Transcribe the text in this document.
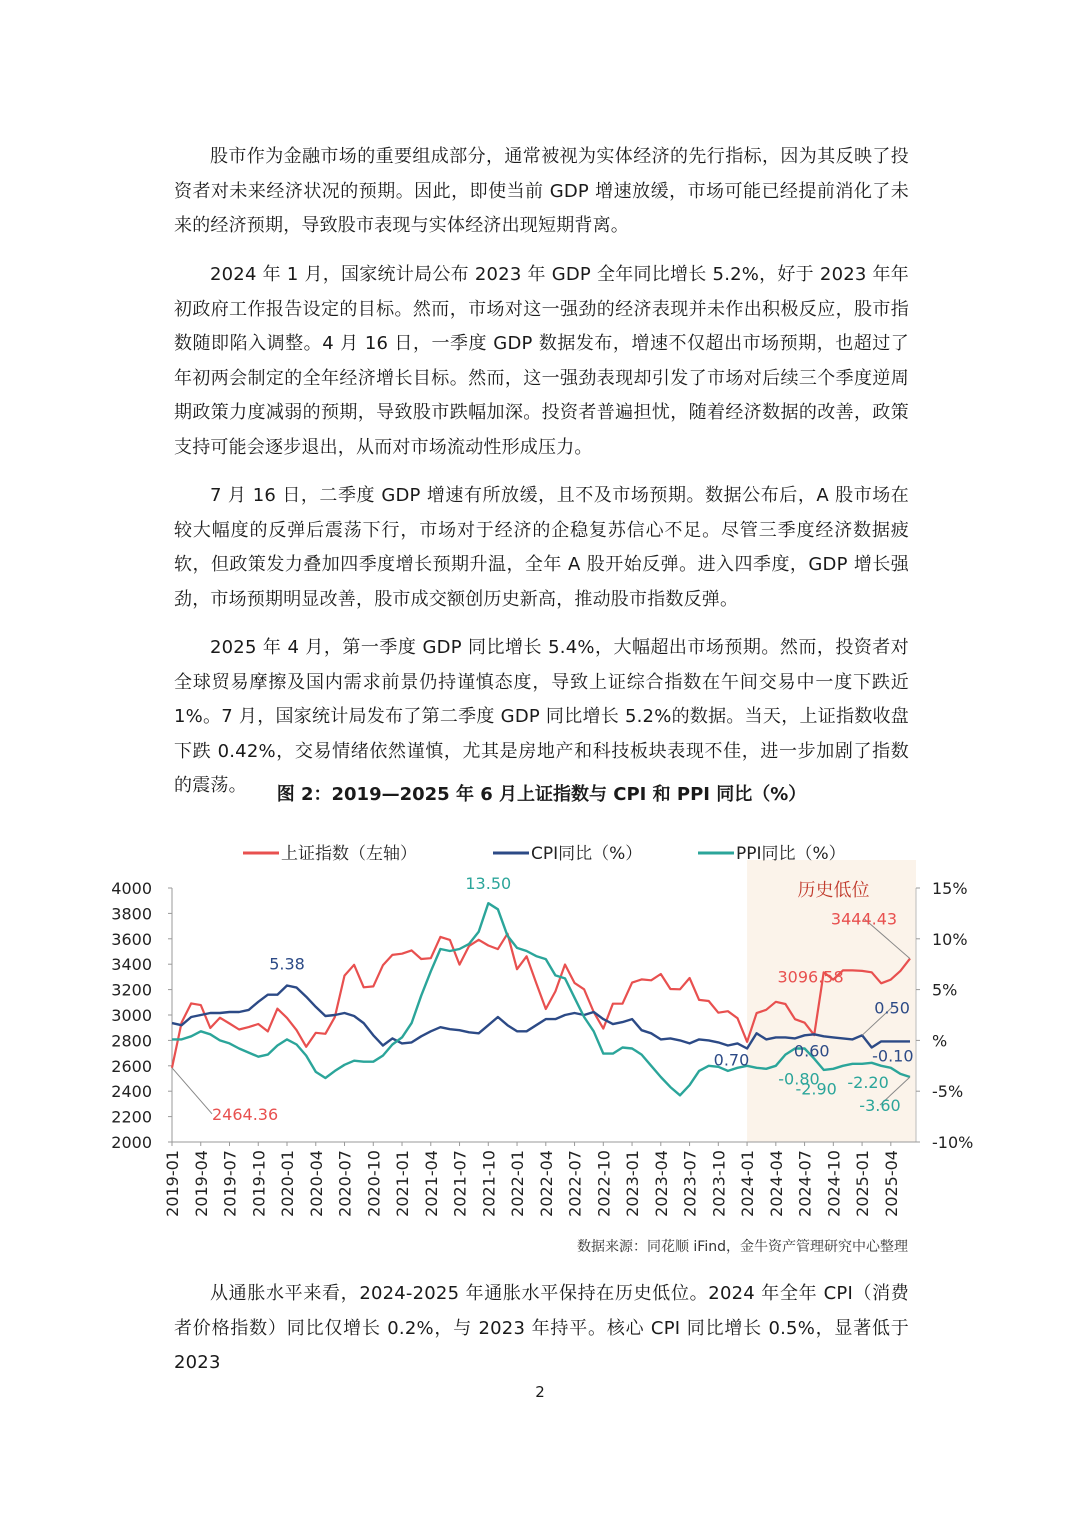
股市作为金融市场的重要组成部分，通常被视为实体经济的先行指标，因为其反映了投资者对未来经济状况的预期。因此，即使当前 GDP 增速放缓，市场可能已经提前消化了未来的经济预期，导致股市表现与实体经济出现短期背离。

2024 年 1 月，国家统计局公布 2023 年 GDP 全年同比增长 5.2%，好于 2023 年年初政府工作报告设定的目标。然而，市场对这一强劲的经济表现并未作出积极反应，股市指数随即陷入调整。4 月 16 日，一季度 GDP 数据发布，增速不仅超出市场预期，也超过了年初两会制定的全年经济增长目标。然而，这一强劲表现却引发了市场对后续三个季度逆周期政策力度减弱的预期，导致股市跌幅加深。投资者普遍担忧，随着经济数据的改善，政策支持可能会逐步退出，从而对市场流动性形成压力。

7 月 16 日，二季度 GDP 增速有所放缓，且不及市场预期。数据公布后，A 股市场在较大幅度的反弹后震荡下行，市场对于经济的企稳复苏信心不足。尽管三季度经济数据疲软，但政策发力叠加四季度增长预期升温，全年 A 股开始反弹。进入四季度，GDP 增长强劲，市场预期明显改善，股市成交额创历史新高，推动股市指数反弹。

2025 年 4 月，第一季度 GDP 同比增长 5.4%，大幅超出市场预期。然而，投资者对全球贸易摩擦及国内需求前景仍持谨慎态度，导致上证综合指数在午间交易中一度下跌近 1%。7 月，国家统计局发布了第二季度 GDP 同比增长 5.2%的数据。当天，上证指数收盘下跌 0.42%，交易情绪依然谨慎，尤其是房地产和科技板块表现不佳，进一步加剧了指数的震荡。	图 2：2019—2025 年 6 月上证指数与 CPI 和 PPI 同比（%）

历史低位
4000
3800
3600
3400
3200
3000
2800
2600
2400
2200
2000
15%
10%
5%
%
-5%
-10%
2019-01 2019-04 2019-07 2019-10 2020-01 2020-04 2020-07 2020-10 2021-01 2021-04 2021-07 2021-10 2022-01 2022-04 2022-07 2022-10 2023-01 2023-04 2023-07 2023-10 2024-01 2024-04 2024-07 2024-10 2025-01 2025-04
上证指数（左轴）	CPI同比（%）	PPI同比（%）
5.38
13.50
2464.36
3096.58
3444.43
0.70
0.50
0.60	-0.10
-0.80
-2.90 -2.20
-3.60
数据来源：同花顺 iFind，金牛资产管理研究中心整理

从通胀水平来看，2024-2025 年通胀水平保持在历史低位。2024 年全年 CPI（消费者价格指数）同比仅增长 0.2%，与 2023 年持平。核心 CPI 同比增长 0.5%，显著低于 2023

2
